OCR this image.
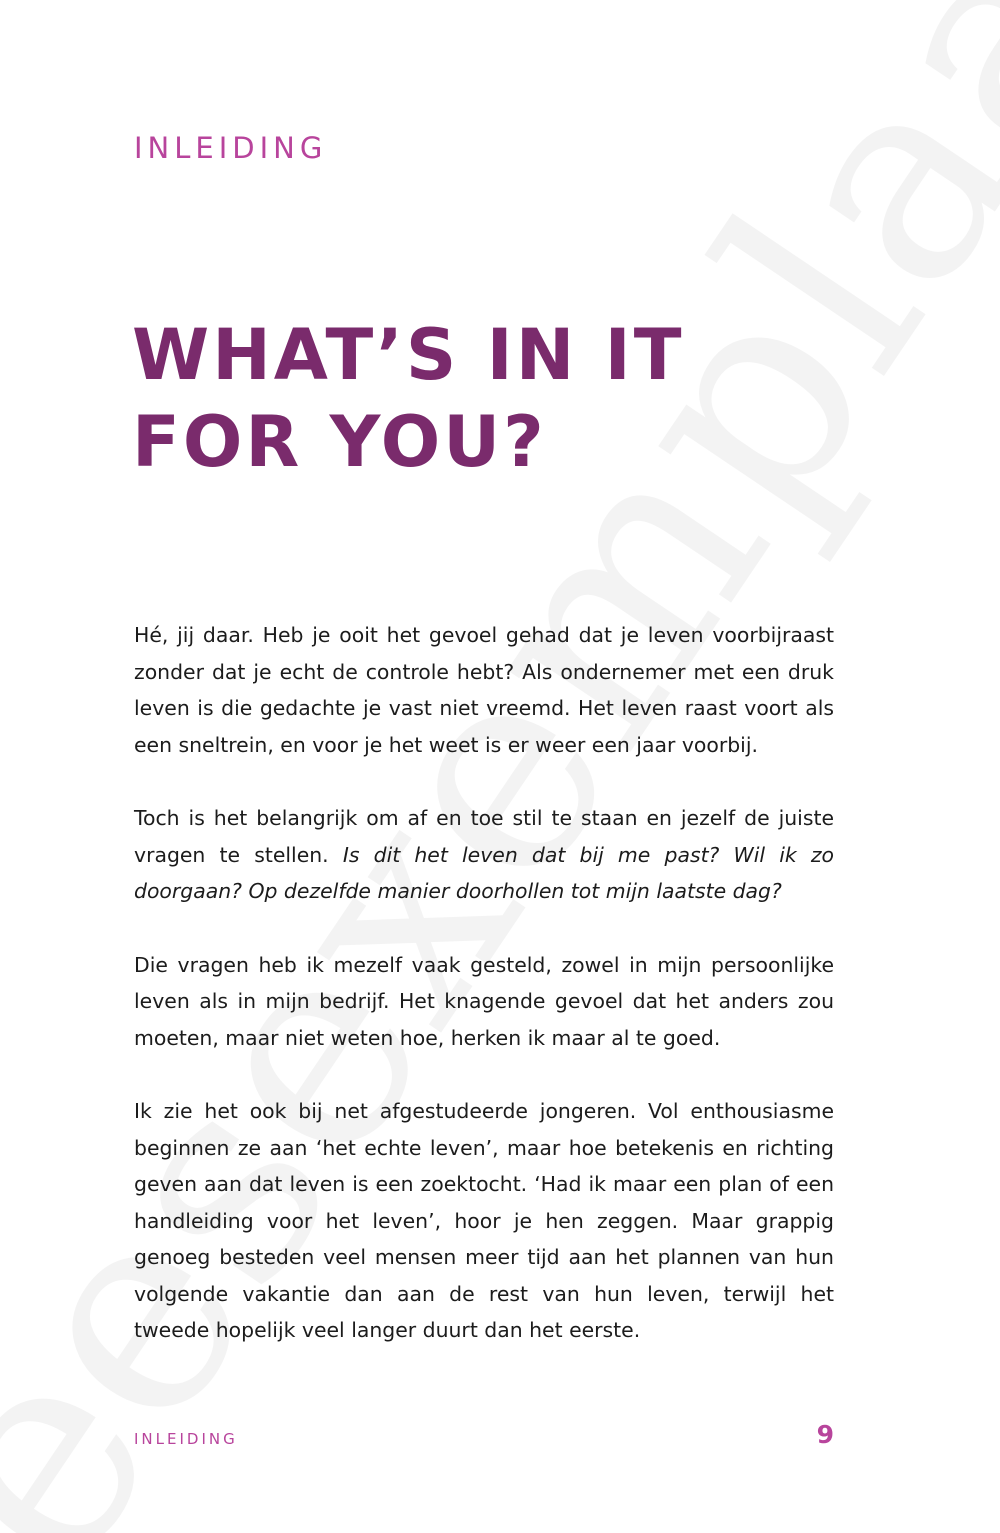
INLEIDING
WHAT’S IN IT
FOR YOU?

Hé, jij daar. Heb je ooit het gevoel gehad dat je leven voorbijraast zonder dat je echt de controle hebt? Als ondernemer met een druk leven is die gedachte je vast niet vreemd. Het leven raast voort als een sneltrein, en voor je het weet is er weer een jaar voorbij.

Toch is het belangrijk om af en toe stil te staan en jezelf de juiste vragen te stellen. Is dit het leven dat bij me past? Wil ik zo doorgaan? Op dezelfde manier doorhollen tot mijn laatste dag?

Die vragen heb ik mezelf vaak gesteld, zowel in mijn persoonlijke leven als in mijn bedrijf. Het knagende gevoel dat het anders zou moeten, maar niet weten hoe, herken ik maar al te goed.

Ik zie het ook bij net afgestudeerde jongeren. Vol enthousiasme beginnen ze aan ‘het echte leven’, maar hoe betekenis en richting geven aan dat leven is een zoektocht. ‘Had ik maar een plan of een handleiding voor het leven’, hoor je hen zeggen. Maar grappig genoeg besteden veel mensen meer tijd aan het plannen van hun volgende vakantie dan aan de rest van hun leven, terwijl het tweede hopelijk veel langer duurt dan het eerste.

INLEIDING	9
